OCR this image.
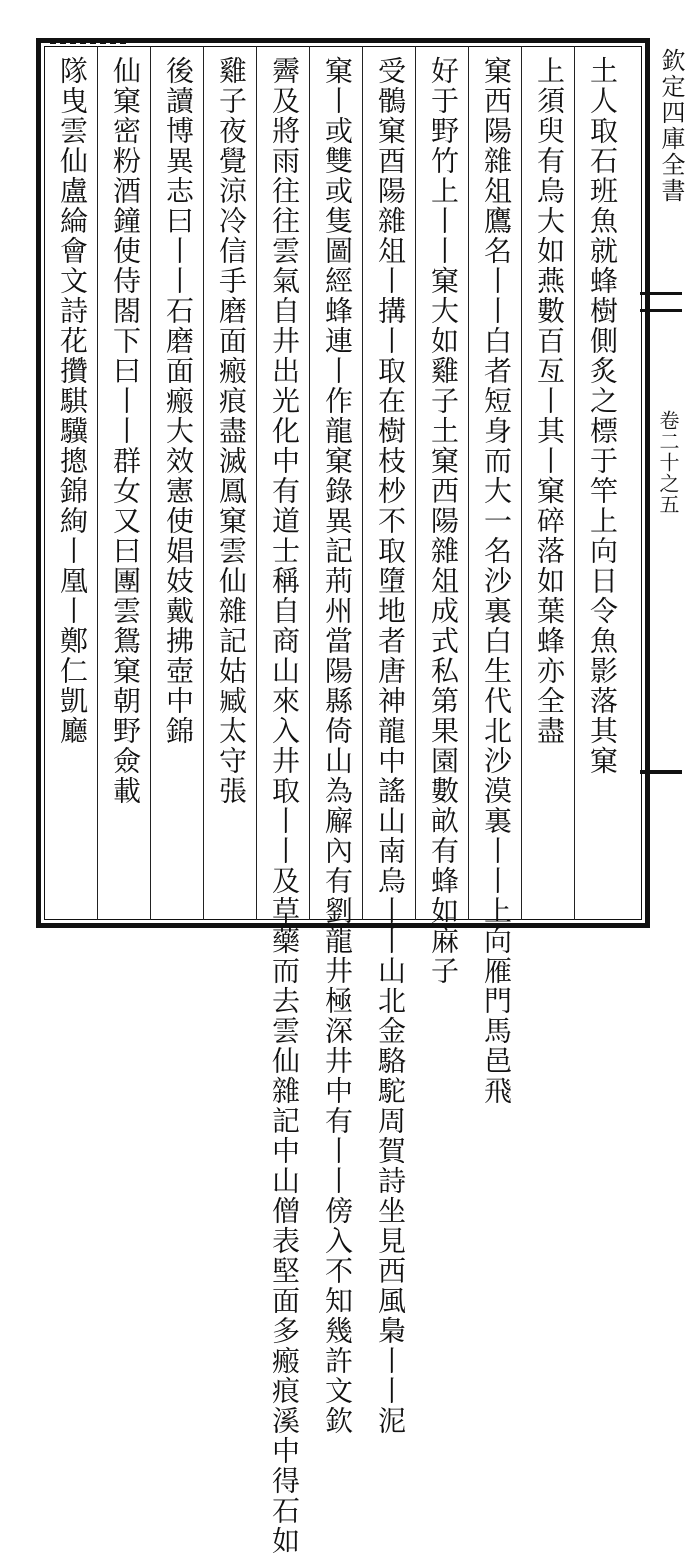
土人取石班魚就蜂樹側炙之標于竿上向日令魚影落其窠
上須臾有烏大如燕數百亙丨其丨窠碎落如葉蜂亦全盡
窠西陽雜俎鷹名丨丨白者短身而大一名沙裏白生代北沙漠裏丨丨上向雁門馬邑飛
好于野竹上丨丨窠大如雞子土窠西陽雜俎成式私第果園數畝有蜂如麻子
受鶻窠酉陽雜俎丨搆丨取在樹枝杪不取墮地者唐神龍中謠山南烏丨丨山北金駱駝周賀詩坐見西風梟丨丨泥
窠丨或雙或隻圖經蜂連丨作龍窠錄異記荊州當陽縣倚山為廨內有劉龍井極深井中有丨丨傍入不知幾許文欽
霽及將雨往往雲氣自井出光化中有道士稱自商山來入井取丨丨及草藥而去雲仙雜記中山僧表堅面多瘢痕溪中得石如
雞子夜覺涼冷信手磨面瘢痕盡滅鳳窠雲仙雜記姑臧太守張
後讀博異志曰丨丨石磨面瘢大效憲使娼妓戴拂壺中錦
仙窠密粉酒鐘使侍閤下曰丨丨群女又曰團雲鴛窠朝野僉載
隊曳雲仙盧綸會文詩花攢騏驥摠錦絢丨凰丨鄭仁凱廳	欽定四庫全書
卷二十之五
